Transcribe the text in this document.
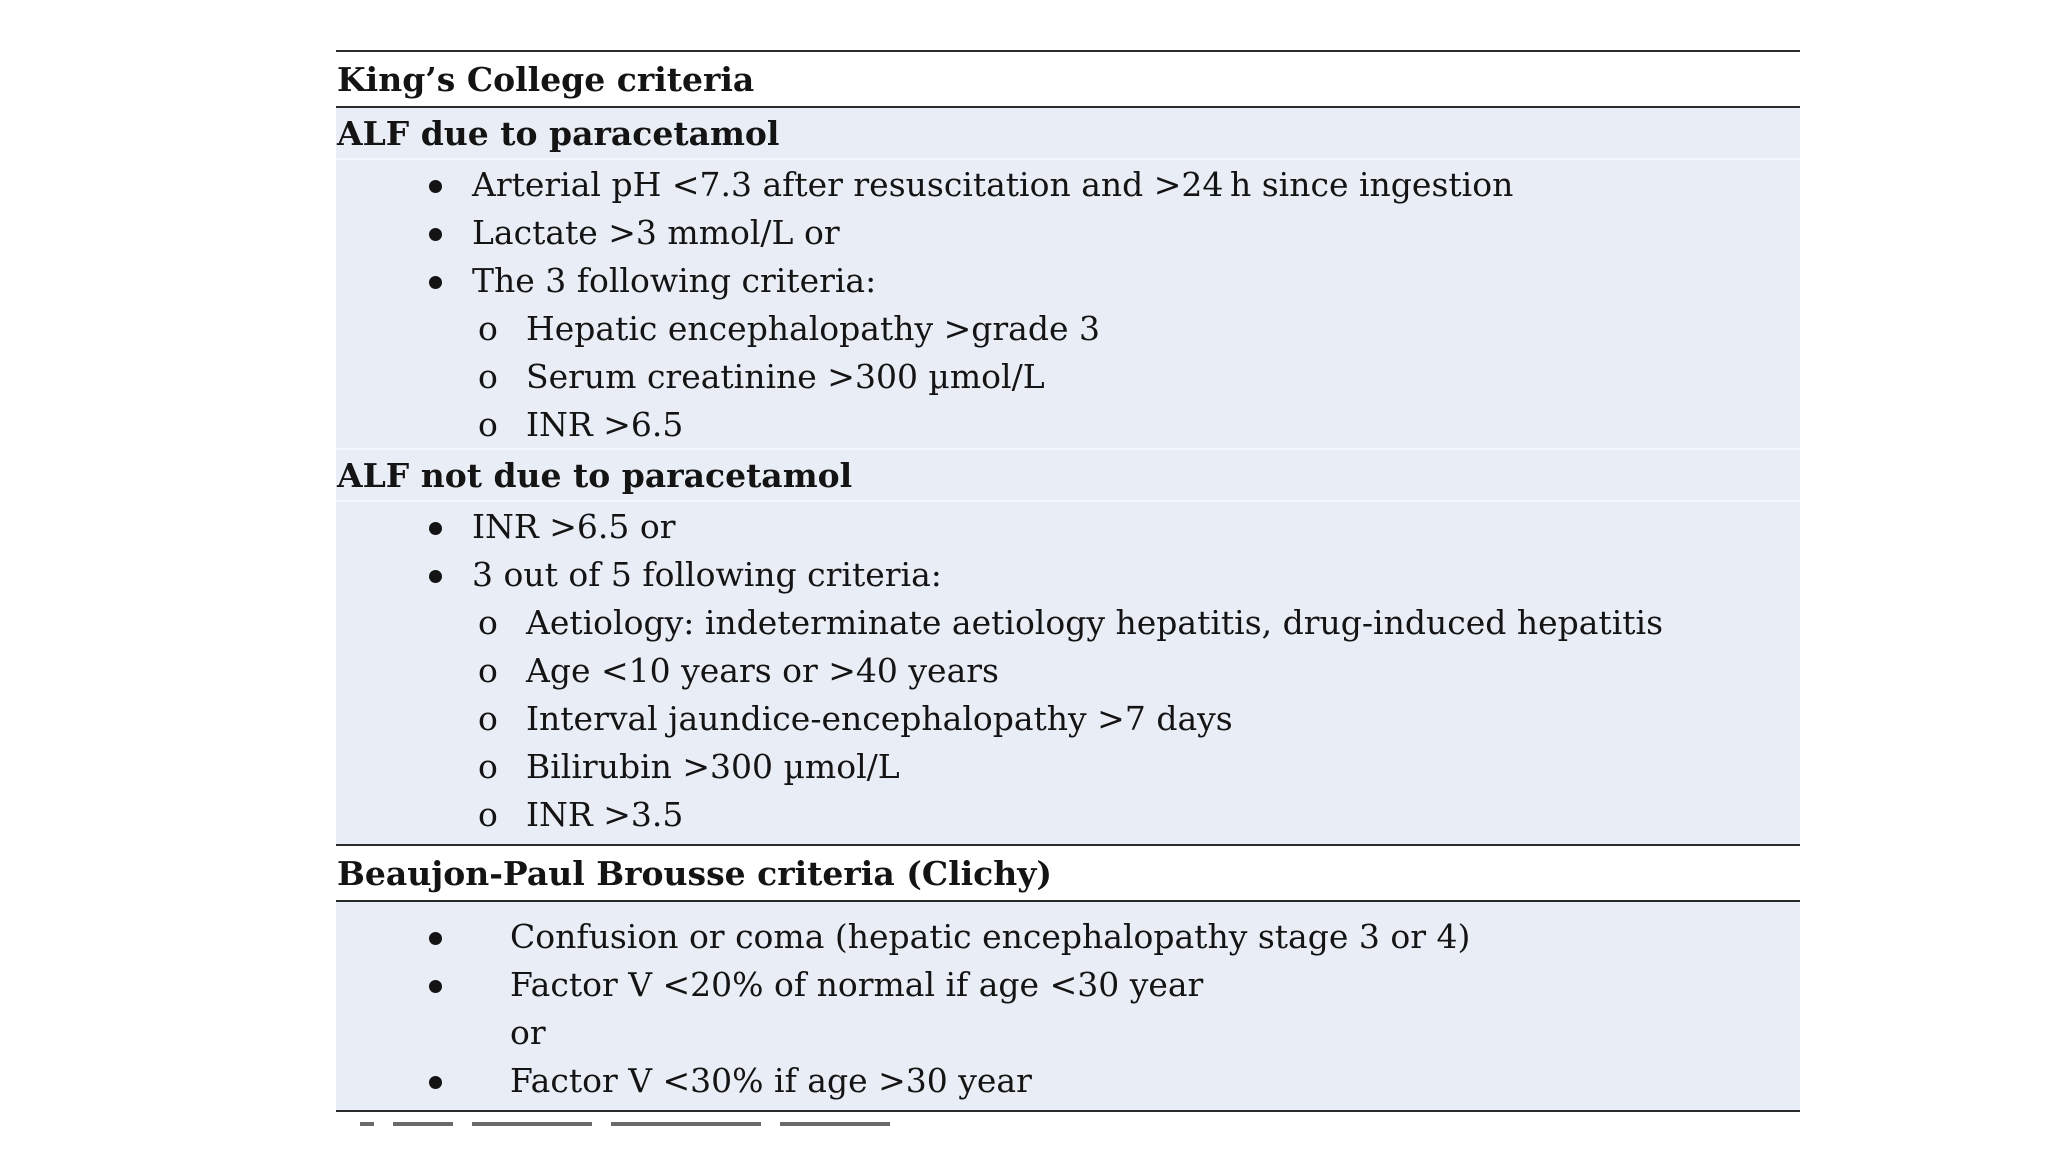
King’s College criteria
ALF due to paracetamol
Arterial pH <7.3 after resuscitation and >24 h since ingestion
Lactate >3 mmol/L or
The 3 following criteria:
o Hepatic encephalopathy >grade 3
o Serum creatinine >300 µmol/L
o INR >6.5
ALF not due to paracetamol
INR >6.5 or
3 out of 5 following criteria:
o Aetiology: indeterminate aetiology hepatitis, drug-induced hepatitis
o Age <10 years or >40 years
o Interval jaundice-encephalopathy >7 days
o Bilirubin >300 µmol/L
o INR >3.5
Beaujon-Paul Brousse criteria (Clichy)
Confusion or coma (hepatic encephalopathy stage 3 or 4)
Factor V <20% of normal if age <30 year
or
Factor V <30% if age >30 year
